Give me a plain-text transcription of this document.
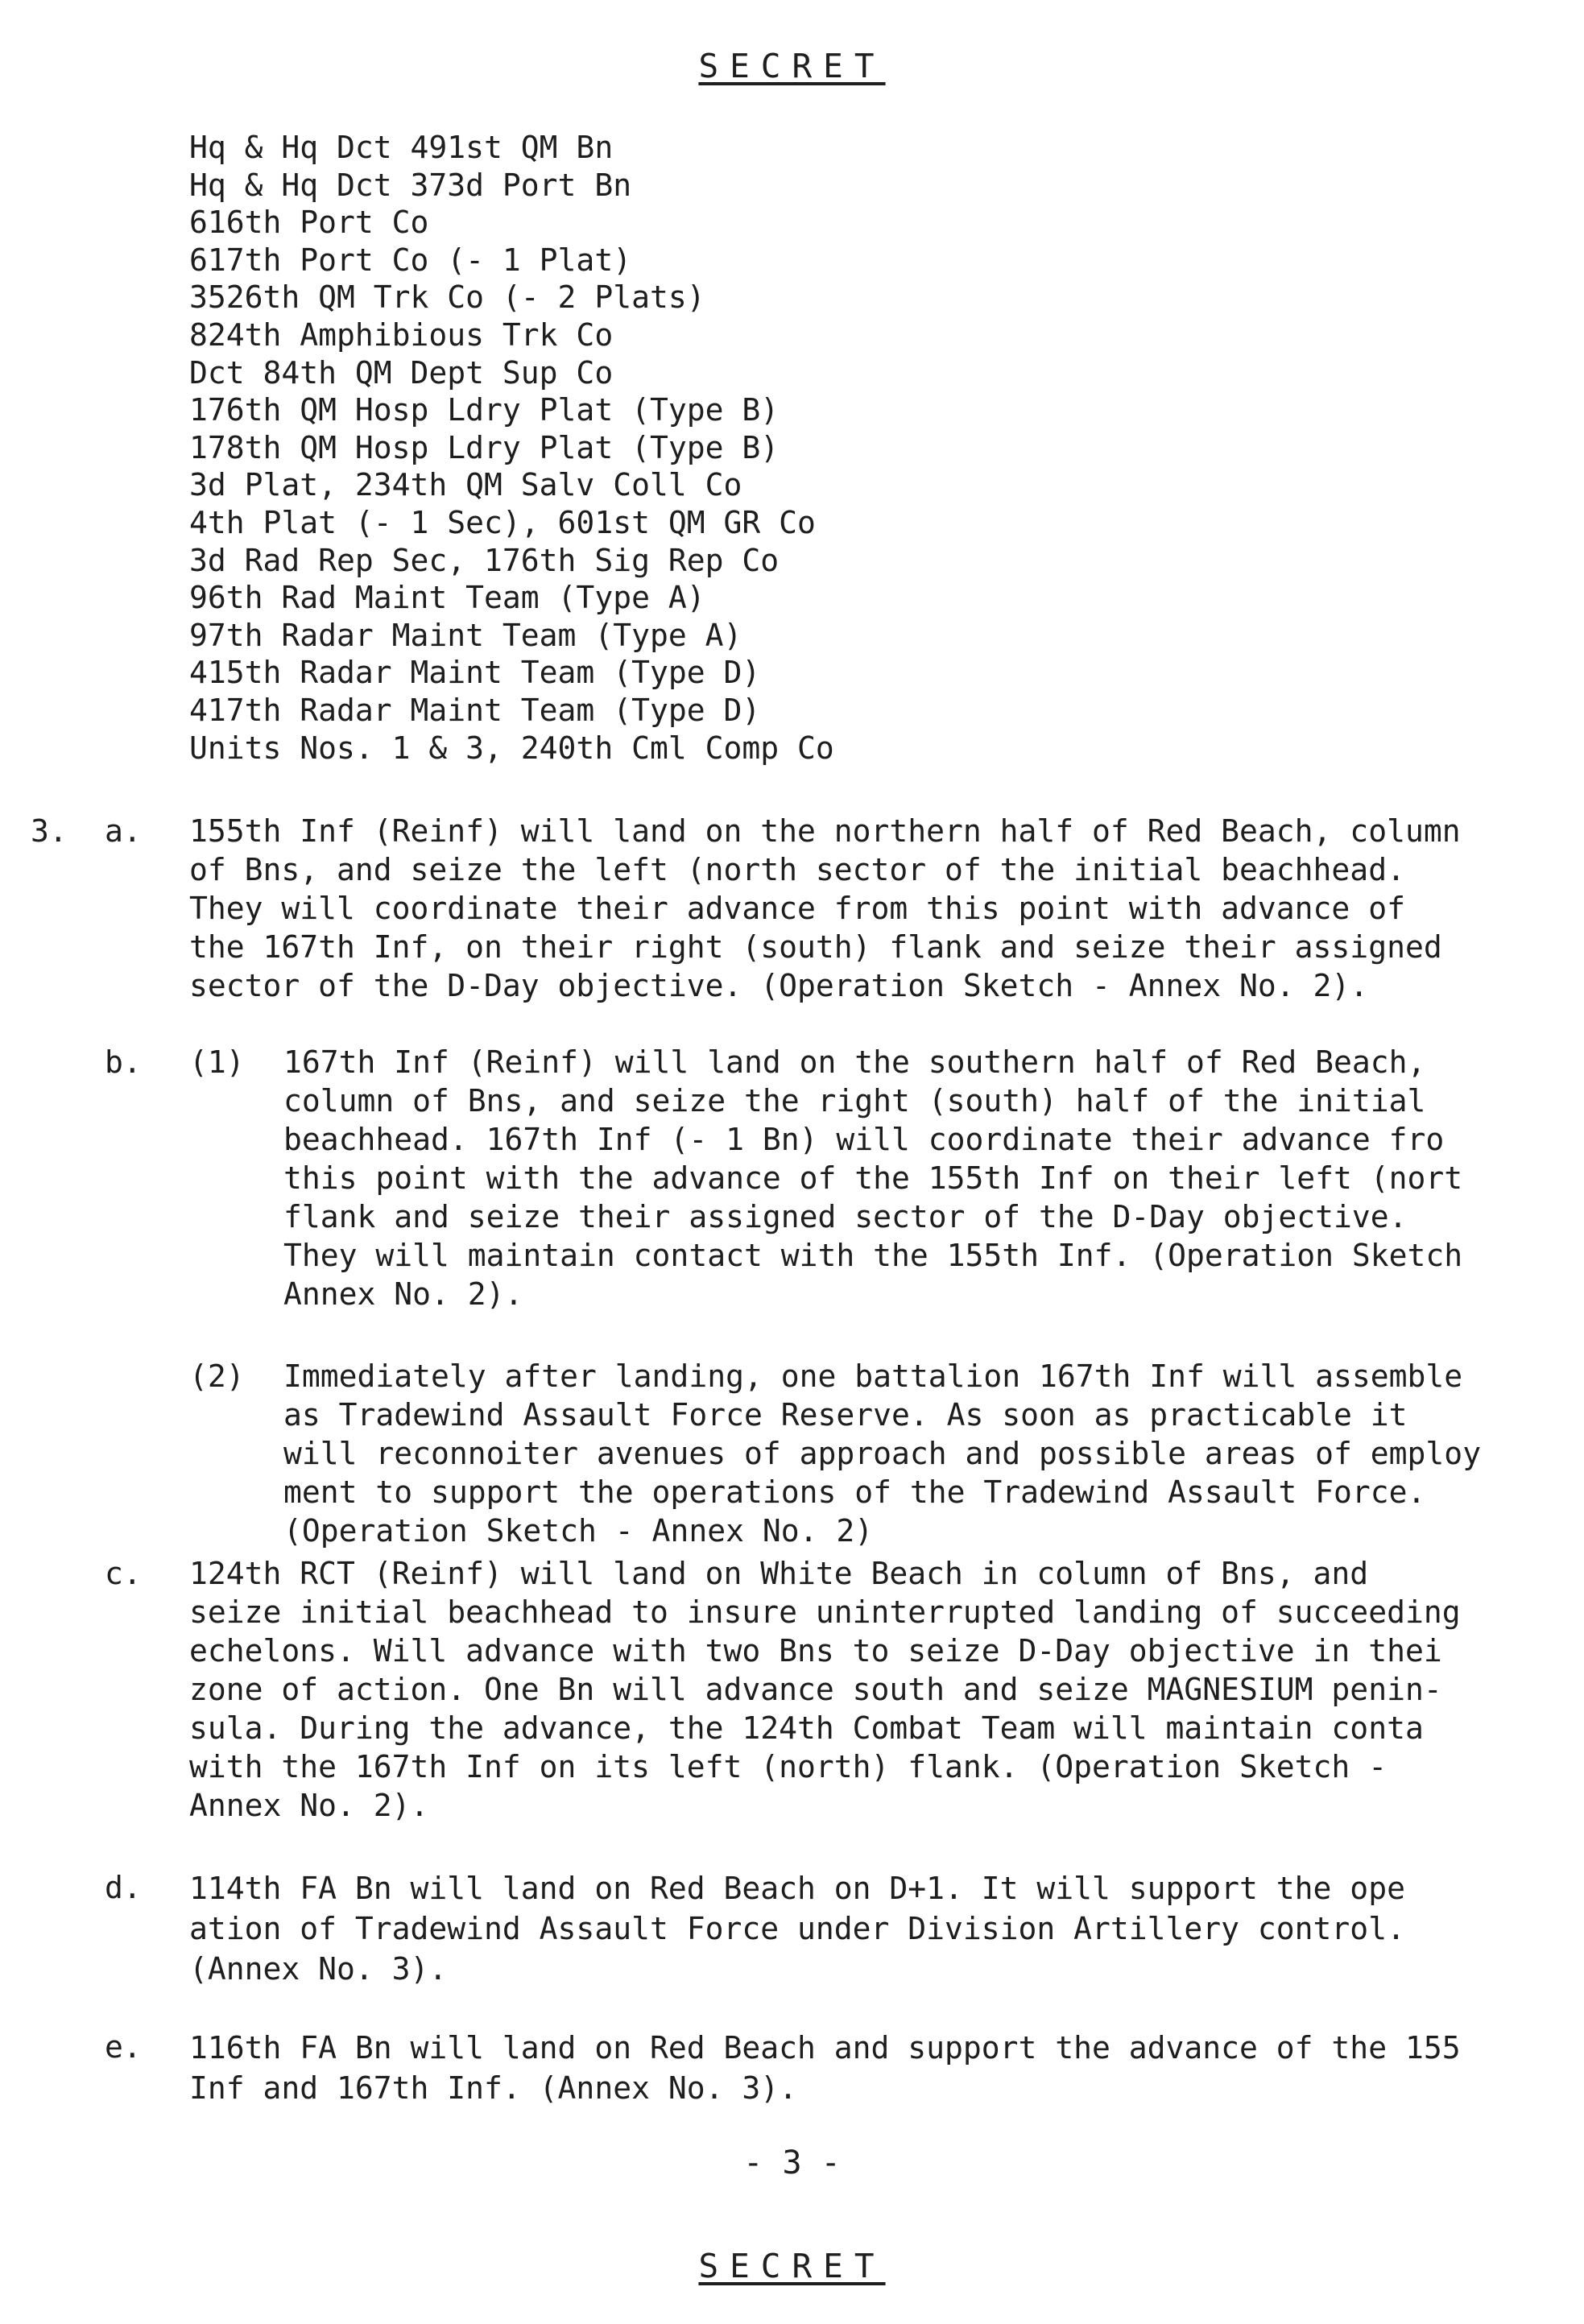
SECRET
Hq & Hq Dct 491st QM Bn
Hq & Hq Dct 373d Port Bn
616th Port Co
617th Port Co (- 1 Plat)
3526th QM Trk Co (- 2 Plats)
824th Amphibious Trk Co
Dct 84th QM Dept Sup Co
176th QM Hosp Ldry Plat (Type B)
178th QM Hosp Ldry Plat (Type B)
3d Plat, 234th QM Salv Coll Co
4th Plat (- 1 Sec), 601st QM GR Co
3d Rad Rep Sec, 176th Sig Rep Co
96th Rad Maint Team (Type A)
97th Radar Maint Team (Type A)
415th Radar Maint Team (Type D)
417th Radar Maint Team (Type D)
Units Nos. 1 & 3, 240th Cml Comp Co
3. a. 155th Inf (Reinf) will land on the northern half of Red Beach, column
of Bns, and seize the left (north sector of the initial beachhead.
They will coordinate their advance from this point with advance of
the 167th Inf, on their right (south) flank and seize their assigned
sector of the D-Day objective. (Operation Sketch - Annex No. 2).
b. (1) 167th Inf (Reinf) will land on the southern half of Red Beach,
column of Bns, and seize the right (south) half of the initial
beachhead. 167th Inf (- 1 Bn) will coordinate their advance fro
this point with the advance of the 155th Inf on their left (nort
flank and seize their assigned sector of the D-Day objective.
They will maintain contact with the 155th Inf. (Operation Sketch
Annex No. 2).
(2) Immediately after landing, one battalion 167th Inf will assemble
as Tradewind Assault Force Reserve. As soon as practicable it
will reconnoiter avenues of approach and possible areas of employ
ment to support the operations of the Tradewind Assault Force.
(Operation Sketch - Annex No. 2)
c. 124th RCT (Reinf) will land on White Beach in column of Bns, and
seize initial beachhead to insure uninterrupted landing of succeeding
echelons. Will advance with two Bns to seize D-Day objective in thei
zone of action. One Bn will advance south and seize MAGNESIUM penin-
sula. During the advance, the 124th Combat Team will maintain conta
with the 167th Inf on its left (north) flank. (Operation Sketch -
Annex No. 2).
d. 114th FA Bn will land on Red Beach on D+1. It will support the ope
ation of Tradewind Assault Force under Division Artillery control.
(Annex No. 3).
e. 116th FA Bn will land on Red Beach and support the advance of the 155
Inf and 167th Inf. (Annex No. 3).
- 3 -
SECRET
